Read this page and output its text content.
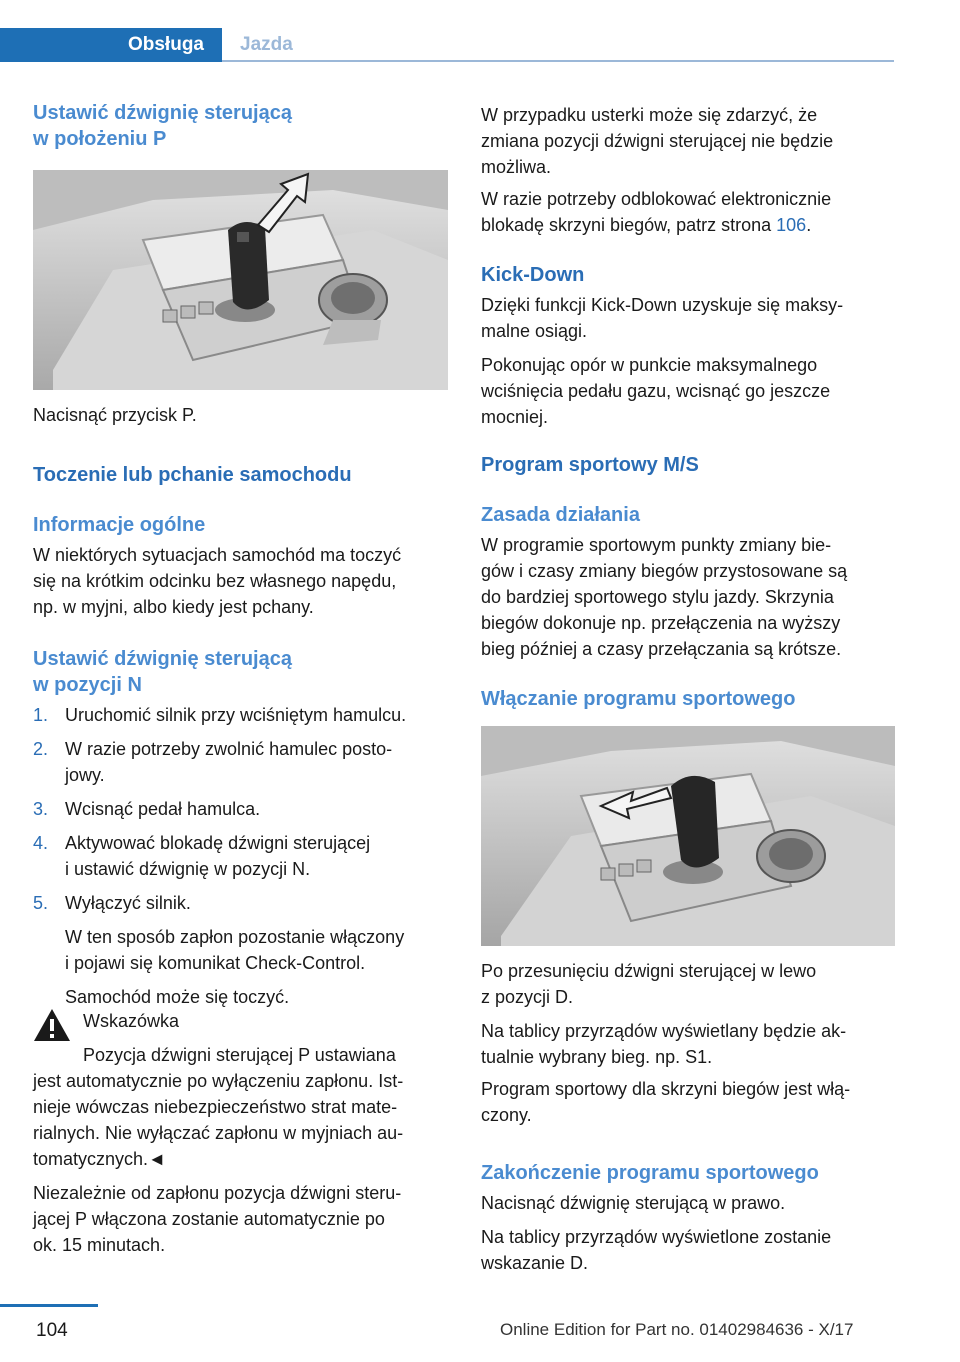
Obsługa Jazda
Ustawić dźwignię sterującą
w położeniu P

Nacisnąć przycisk P.

Toczenie lub pchanie samochodu
Informacje ogólne

W niektórych sytuacjach samochód ma toczyć

się na krótkim odcinku bez własnego napędu,

np. w myjni, albo kiedy jest pchany.

Ustawić dźwignię sterującą
w pozycji N
1. Uruchomić silnik przy wciśniętym hamulcu.
2. W razie potrzeby zwolnić hamulec posto-
jowy.
3. Wcisnąć pedał hamulca.
4. Aktywować blokadę dźwigni sterującej
i ustawić dźwignię w pozycji N.
5. Wyłączyć silnik.
W ten sposób zapłon pozostanie włączony
i pojawi się komunikat Check-Control.
Samochód może się toczyć.
Wskazówka
Pozycja dźwigni sterującej P ustawiana
jest automatycznie po wyłączeniu zapłonu. Ist-
nieje wówczas niebezpieczeństwo strat mate-
rialnych. Nie wyłączać zapłonu w myjniach au-
tomatycznych.◄

Niezależnie od zapłonu pozycja dźwigni steru-

jącej P włączona zostanie automatycznie po

ok. 15 minutach.

W przypadku usterki może się zdarzyć, że

zmiana pozycji dźwigni sterującej nie będzie

możliwa.

W razie potrzeby odblokować elektronicznie

blokadę skrzyni biegów, patrz strona 106.

Kick-Down

Dzięki funkcji Kick-Down uzyskuje się maksy-

malne osiągi.

Pokonując opór w punkcie maksymalnego

wciśnięcia pedału gazu, wcisnąć go jeszcze

mocniej.

Program sportowy M/S
Zasada działania

W programie sportowym punkty zmiany bie-

gów i czasy zmiany biegów przystosowane są

do bardziej sportowego stylu jazdy. Skrzynia

biegów dokonuje np. przełączenia na wyższy

bieg później a czasy przełączania są krótsze.

Włączanie programu sportowego

Po przesunięciu dźwigni sterującej w lewo

z pozycji D.

Na tablicy przyrządów wyświetlany będzie ak-

tualnie wybrany bieg. np. S1.

Program sportowy dla skrzyni biegów jest włą-

czony.

Zakończenie programu sportowego

Nacisnąć dźwignię sterującą w prawo.

Na tablicy przyrządów wyświetlone zostanie

wskazanie D.

104	Online Edition for Part no. 01402984636 - X/17
